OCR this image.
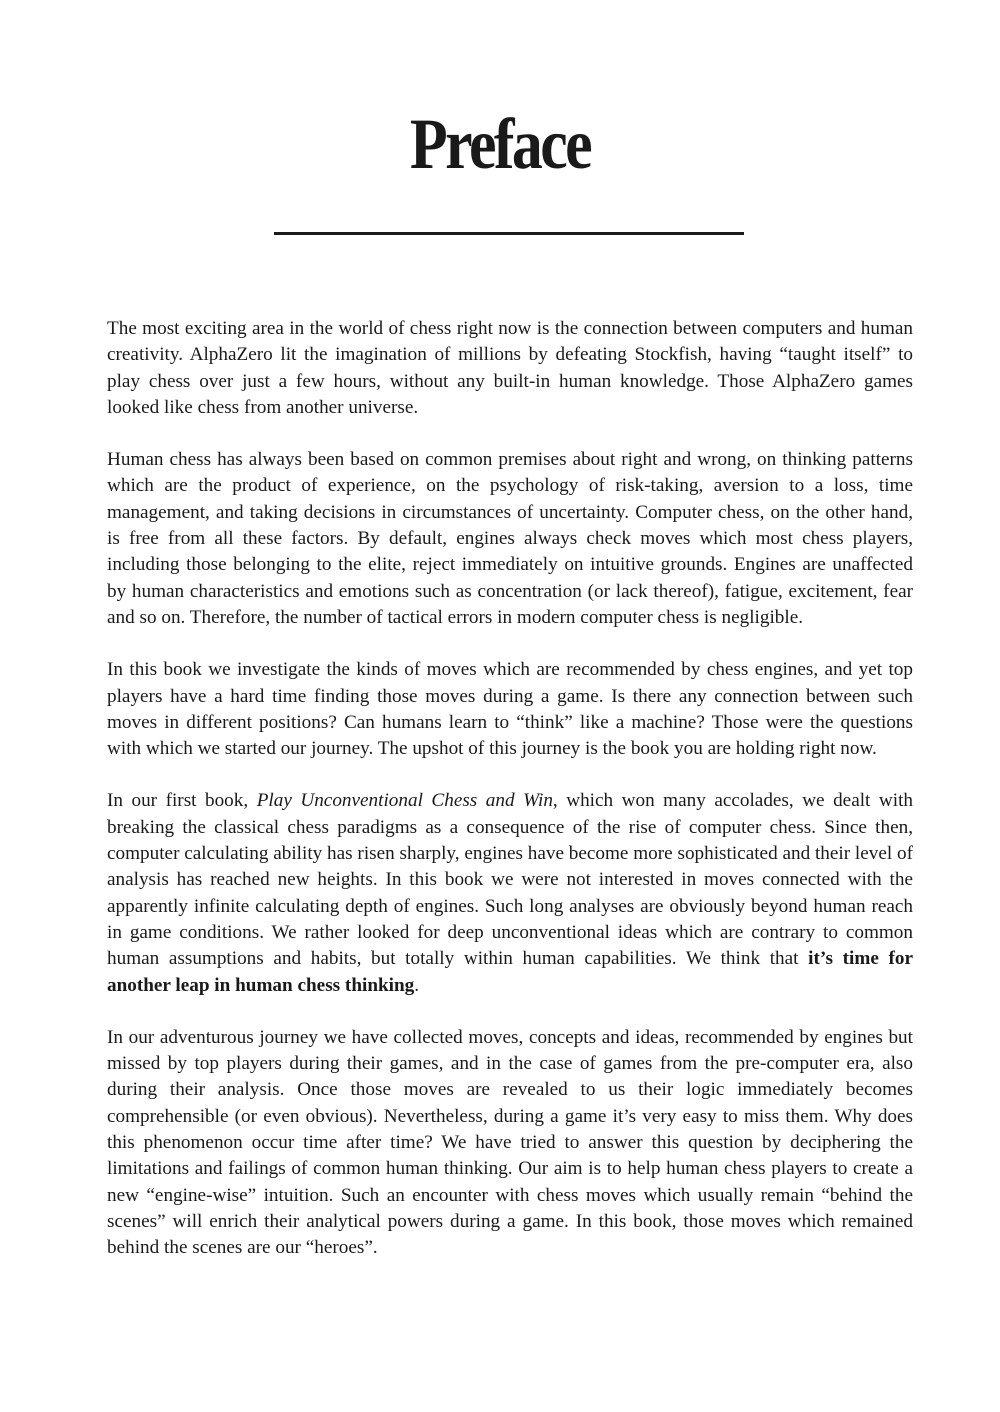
Preface

The most exciting area in the world of chess right now is the connection between computers and human creativity. AlphaZero lit the imagination of millions by defeating Stockfish, having “taught itself” to play chess over just a few hours, without any built-in human knowledge. Those AlphaZero games looked like chess from another universe.

Human chess has always been based on common premises about right and wrong, on thinking patterns which are the product of experience, on the psychology of risk-taking, aversion to a loss, time management, and taking decisions in circumstances of uncertainty. Computer chess, on the other hand, is free from all these factors. By default, engines always check moves which most chess players, including those belonging to the elite, reject immediately on intuitive grounds. Engines are unaffected by human characteristics and emotions such as concentration (or lack thereof), fatigue, excitement, fear and so on. Therefore, the number of tactical errors in modern computer chess is negligible.

In this book we investigate the kinds of moves which are recommended by chess engines, and yet top players have a hard time finding those moves during a game. Is there any connection between such moves in different positions? Can humans learn to “think” like a machine? Those were the questions with which we started our journey. The upshot of this journey is the book you are holding right now.

In our first book, Play Unconventional Chess and Win, which won many accolades, we dealt with breaking the classical chess paradigms as a consequence of the rise of computer chess. Since then, computer calculating ability has risen sharply, engines have become more sophisticated and their level of analysis has reached new heights. In this book we were not interested in moves connected with the apparently infinite calculating depth of engines. Such long analyses are obviously beyond human reach in game conditions. We rather looked for deep unconventional ideas which are contrary to common human assumptions and habits, but totally within human capabilities. We think that it’s time for another leap in human chess thinking.

In our adventurous journey we have collected moves, concepts and ideas, recommended by engines but missed by top players during their games, and in the case of games from the pre-computer era, also during their analysis. Once those moves are revealed to us their logic immediately becomes comprehensible (or even obvious). Nevertheless, during a game it’s very easy to miss them. Why does this phenomenon occur time after time? We have tried to answer this question by deciphering the limitations and failings of common human thinking. Our aim is to help human chess players to create a new “engine-wise” intuition. Such an encounter with chess moves which usually remain “behind the scenes” will enrich their analytical powers during a game. In this book, those moves which remained behind the scenes are our “heroes”.
